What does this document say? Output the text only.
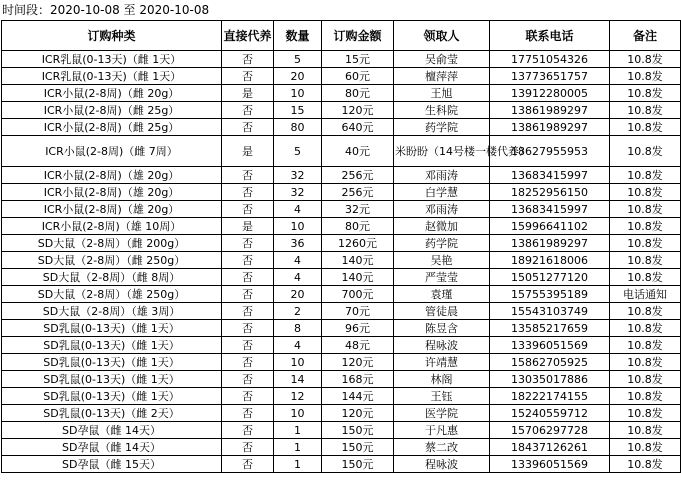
时间段：2020-10-08 至 2020-10-08
订购种类	直接代养	数量	订购金额	领取人	联系电话	备注
ICR乳鼠(0-13天)（雌 1天）	否	5	15元	吴俞莹	17751054326	10.8发
ICR乳鼠(0-13天)（雌 1天）	否	20	60元	檀萍萍	13773651757	10.8发
ICR小鼠(2-8周)（雌 20g）	是	10	80元	王旭	13912280005	10.8发
ICR小鼠(2-8周)（雌 25g）	否	15	120元	生科院	13861989297	10.8发
ICR小鼠(2-8周)（雌 25g）	否	80	640元	药学院	13861989297	10.8发
ICR小鼠(2-8周)（雌 7周）	是	5	40元	米盼盼（14号楼一楼代养）	18627955953	10.8发
ICR小鼠(2-8周)（雄 20g）	否	32	256元	邓雨涛	13683415997	10.8发
ICR小鼠(2-8周)（雄 20g）	否	32	256元	白学慧	18252956150	10.8发
ICR小鼠(2-8周)（雄 20g）	否	4	32元	邓雨涛	13683415997	10.8发
ICR小鼠(2-8周)（雄 10周）	是	10	80元	赵微加	15996641102	10.8发
SD大鼠（2-8周）（雌 200g）	否	36	1260元	药学院	13861989297	10.8发
SD大鼠（2-8周）（雌 250g）	否	4	140元	吴艳	18921618006	10.8发
SD大鼠（2-8周）（雌 8周）	否	4	140元	严莹莹	15051277120	10.8发
SD大鼠（2-8周）（雄 250g）	否	20	700元	袁瑾	15755395189	电话通知
SD大鼠（2-8周）（雄 3周）	否	2	70元	管徒晨	15543103749	10.8发
SD乳鼠(0-13天)（雌 1天）	否	8	96元	陈昱含	13585217659	10.8发
SD乳鼠(0-13天)（雌 1天）	否	4	48元	程咏波	13396051569	10.8发
SD乳鼠(0-13天)（雌 1天）	否	10	120元	许靖慧	15862705925	10.8发
SD乳鼠(0-13天)（雌 1天）	否	14	168元	林阁	13035017886	10.8发
SD乳鼠(0-13天)（雌 1天）	否	12	144元	王钰	18222174155	10.8发
SD乳鼠(0-13天)（雌 2天）	否	10	120元	医学院	15240559712	10.8发
SD孕鼠（雌 14天）	否	1	150元	于凡惠	15706297728	10.8发
SD孕鼠（雌 14天）	否	1	150元	蔡二改	18437126261	10.8发
SD孕鼠（雌 15天）	否	1	150元	程咏波	13396051569	10.8发
